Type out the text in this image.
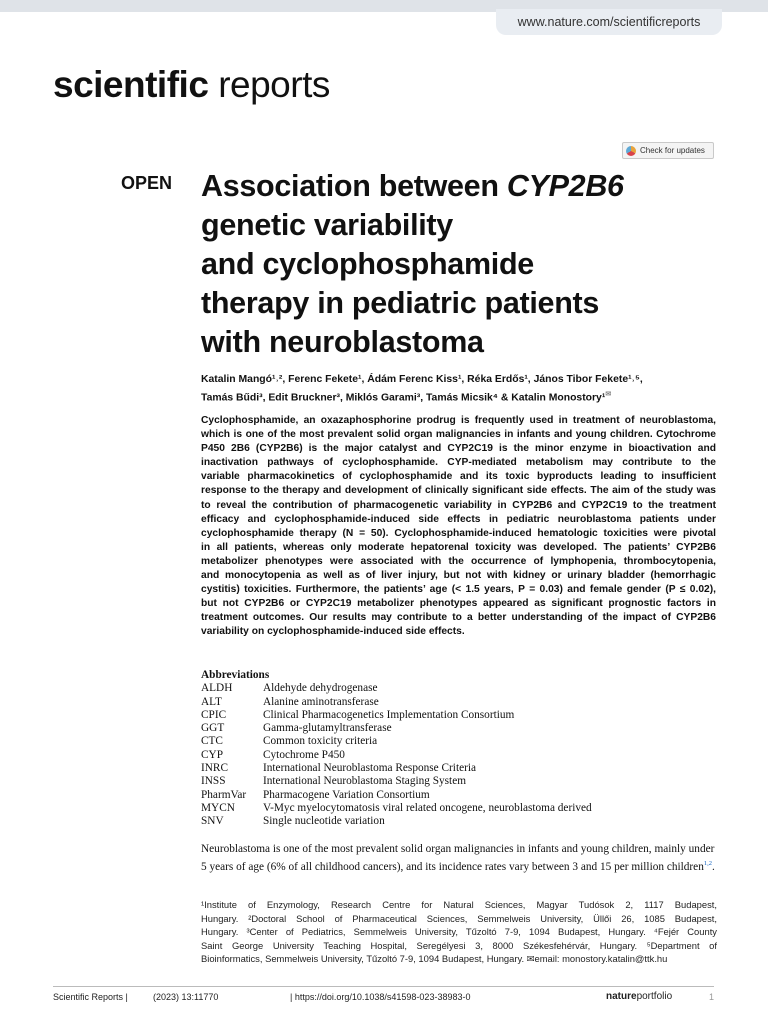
www.nature.com/scientificreports
scientific reports
Check for updates
OPEN Association between CYP2B6
genetic variability
and cyclophosphamide
therapy in pediatric patients
with neuroblastoma
Katalin Mangó¹˒², Ferenc Fekete¹, Ádám Ferenc Kiss¹, Réka Erdős¹, János Tibor Fekete¹˒⁵,
Tamás Bűdi³, Edit Bruckner³, Miklós Garami³, Tamás Micsik⁴ & Katalin Monostory¹✉
Cyclophosphamide, an oxazaphosphorine prodrug is frequently used in treatment of neuroblastoma,
which is one of the most prevalent solid organ malignancies in infants and young children. Cytochrome
P450 2B6 (CYP2B6) is the major catalyst and CYP2C19 is the minor enzyme in bioactivation and
inactivation pathways of cyclophosphamide. CYP-mediated metabolism may contribute to the
variable pharmacokinetics of cyclophosphamide and its toxic byproducts leading to insufficient
response to the therapy and development of clinically significant side effects. The aim of the study was
to reveal the contribution of pharmacogenetic variability in CYP2B6 and CYP2C19 to the treatment
efficacy and cyclophosphamide-induced side effects in pediatric neuroblastoma patients under
cyclophosphamide therapy (N = 50). Cyclophosphamide-induced hematologic toxicities were pivotal
in all patients, whereas only moderate hepatorenal toxicity was developed. The patients’ CYP2B6
metabolizer phenotypes were associated with the occurrence of lymphopenia, thrombocytopenia,
and monocytopenia as well as of liver injury, but not with kidney or urinary bladder (hemorrhagic
cystitis) toxicities. Furthermore, the patients’ age (< 1.5 years, P = 0.03) and female gender (P ≤ 0.02),
but not CYP2B6 or CYP2C19 metabolizer phenotypes appeared as significant prognostic factors in
treatment outcomes. Our results may contribute to a better understanding of the impact of CYP2B6
variability on cyclophosphamide-induced side effects.
Abbreviations
ALDH	Aldehyde dehydrogenase
ALT	Alanine aminotransferase
CPIC	Clinical Pharmacogenetics Implementation Consortium
GGT	Gamma-glutamyltransferase
CTC	Common toxicity criteria
CYP	Cytochrome P450
INRC	International Neuroblastoma Response Criteria
INSS	International Neuroblastoma Staging System
PharmVar	Pharmacogene Variation Consortium
MYCN	V-Myc myelocytomatosis viral related oncogene, neuroblastoma derived
SNV	Single nucleotide variation
Neuroblastoma is one of the most prevalent solid organ malignancies in infants and young children, mainly under
5 years of age (6% of all childhood cancers), and its incidence rates vary between 3 and 15 per million children$^{1,2}$.
¹Institute of Enzymology, Research Centre for Natural Sciences, Magyar Tudósok 2, 1117 Budapest,
Hungary. ²Doctoral School of Pharmaceutical Sciences, Semmelweis University, Üllői 26, 1085 Budapest,
Hungary. ³Center of Pediatrics, Semmelweis University, Tűzoltó 7-9, 1094 Budapest, Hungary. ⁴Fejér County
Saint George University Teaching Hospital, Seregélyesi 3, 8000 Székesfehérvár, Hungary. ⁵Department of
Bioinformatics, Semmelweis University, Tűzoltó 7-9, 1094 Budapest, Hungary. ✉email: monostory.katalin@ttk.hu
Scientific Reports |	(2023) 13:11770	| https://doi.org/10.1038/s41598-023-38983-0	natureportfolio	1
